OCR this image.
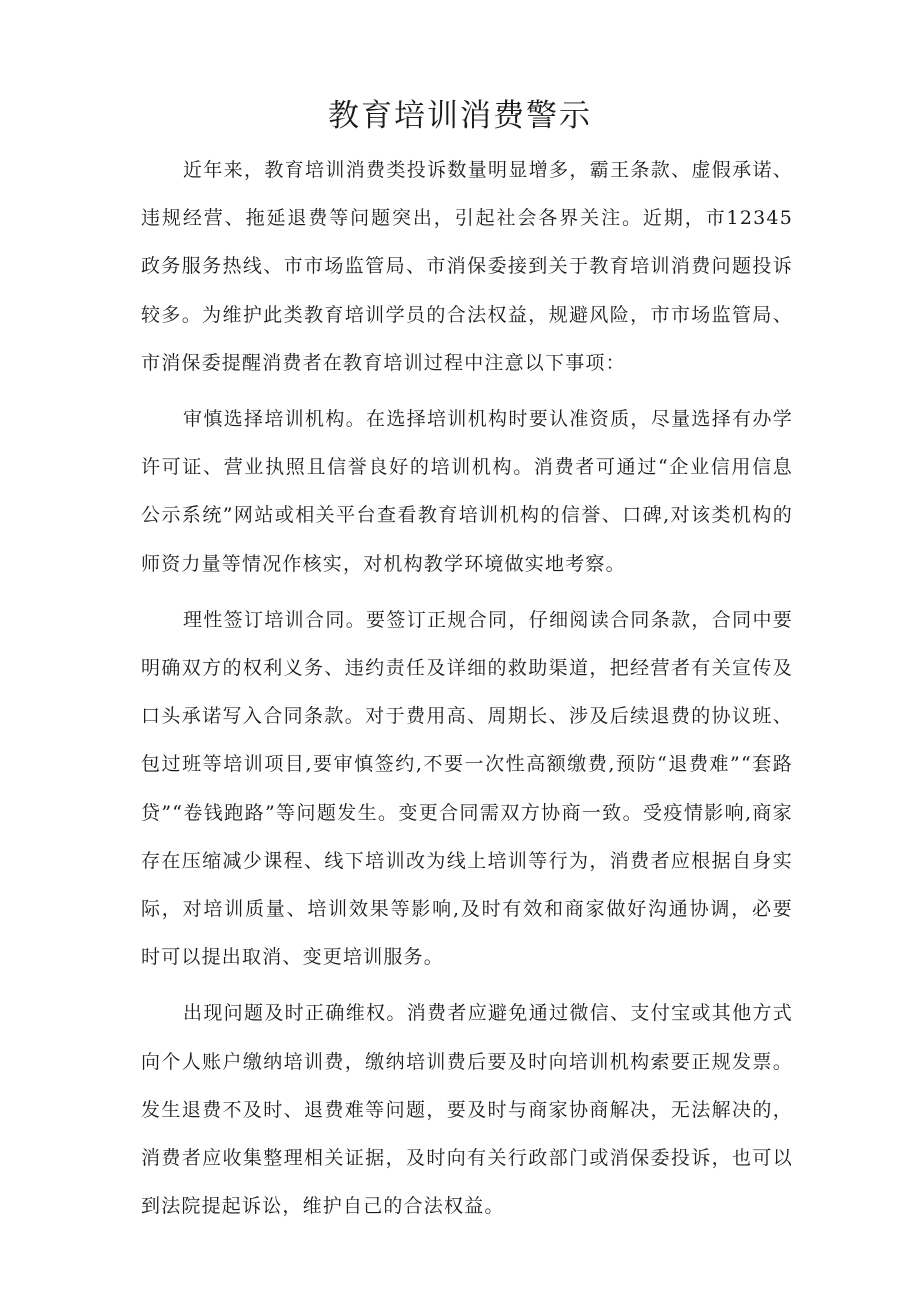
教育培训消费警示

近年来，教育培训消费类投诉数量明显增多，霸王条款、虚假承诺、违规经营、拖延退费等问题突出，引起社会各界关注。近期，市12345政务服务热线、市市场监管局、市消保委接到关于教育培训消费问题投诉较多。为维护此类教育培训学员的合法权益，规避风险，市市场监管局、市消保委提醒消费者在教育培训过程中注意以下事项：

审慎选择培训机构。在选择培训机构时要认准资质，尽量选择有办学许可证、营业执照且信誉良好的培训机构。消费者可通过“企业信用信息公示系统”网站或相关平台查看教育培训机构的信誉、口碑,对该类机构的师资力量等情况作核实，对机构教学环境做实地考察。

理性签订培训合同。要签订正规合同，仔细阅读合同条款，合同中要明确双方的权利义务、违约责任及详细的救助渠道，把经营者有关宣传及口头承诺写入合同条款。对于费用高、周期长、涉及后续退费的协议班、包过班等培训项目,要审慎签约,不要一次性高额缴费,预防“退费难”“套路贷”“卷钱跑路”等问题发生。变更合同需双方协商一致。受疫情影响,商家存在压缩减少课程、线下培训改为线上培训等行为，消费者应根据自身实际，对培训质量、培训效果等影响,及时有效和商家做好沟通协调，必要时可以提出取消、变更培训服务。

出现问题及时正确维权。消费者应避免通过微信、支付宝或其他方式向个人账户缴纳培训费，缴纳培训费后要及时向培训机构索要正规发票。发生退费不及时、退费难等问题，要及时与商家协商解决，无法解决的，消费者应收集整理相关证据，及时向有关行政部门或消保委投诉，也可以到法院提起诉讼，维护自己的合法权益。
